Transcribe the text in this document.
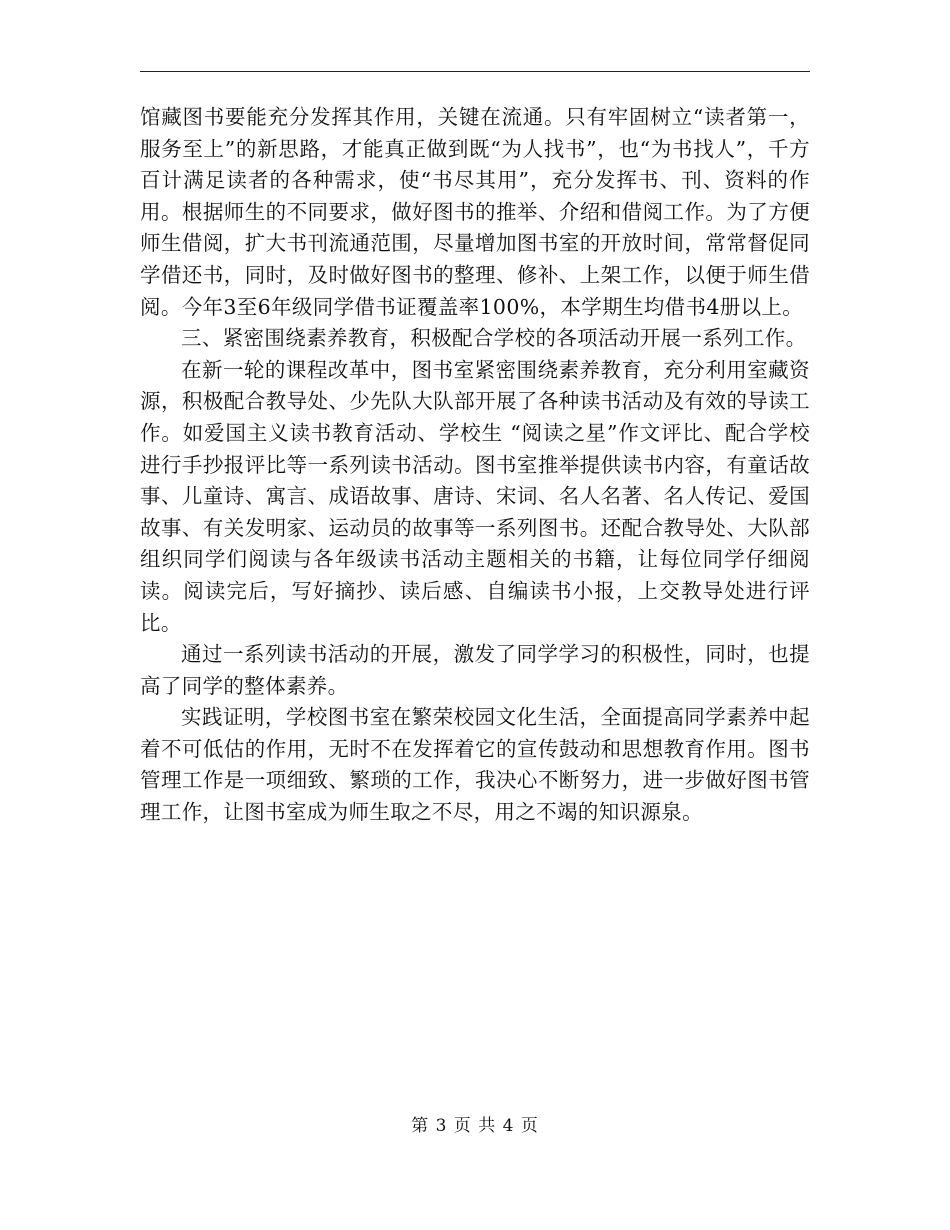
馆藏图书要能充分发挥其作用，关键在流通。只有牢固树立“读者第一，服务至上”的新思路，才能真正做到既“为人找书”，也“为书找人”，千方百计满足读者的各种需求，使“书尽其用”，充分发挥书、刊、资料的作用。根据师生的不同要求，做好图书的推举、介绍和借阅工作。为了方便师生借阅，扩大书刊流通范围，尽量增加图书室的开放时间，常常督促同学借还书，同时，及时做好图书的整理、修补、上架工作，以便于师生借阅。今年3至6年级同学借书证覆盖率100%，本学期生均借书4册以上。

三、紧密围绕素养教育，积极配合学校的各项活动开展一系列工作。

在新一轮的课程改革中，图书室紧密围绕素养教育，充分利用室藏资源，积极配合教导处、少先队大队部开展了各种读书活动及有效的导读工作。如爱国主义读书教育活动、学校生 “阅读之星”作文评比、配合学校进行手抄报评比等一系列读书活动。图书室推举提供读书内容，有童话故事、儿童诗、寓言、成语故事、唐诗、宋词、名人名著、名人传记、爱国故事、有关发明家、运动员的故事等一系列图书。还配合教导处、大队部组织同学们阅读与各年级读书活动主题相关的书籍，让每位同学仔细阅读。阅读完后，写好摘抄、读后感、自编读书小报，上交教导处进行评比。

通过一系列读书活动的开展，激发了同学学习的积极性，同时，也提高了同学的整体素养。

实践证明，学校图书室在繁荣校园文化生活，全面提高同学素养中起着不可低估的作用，无时不在发挥着它的宣传鼓动和思想教育作用。图书管理工作是一项细致、繁琐的工作，我决心不断努力，进一步做好图书管理工作，让图书室成为师生取之不尽，用之不竭的知识源泉。

第 3 页 共 4 页
